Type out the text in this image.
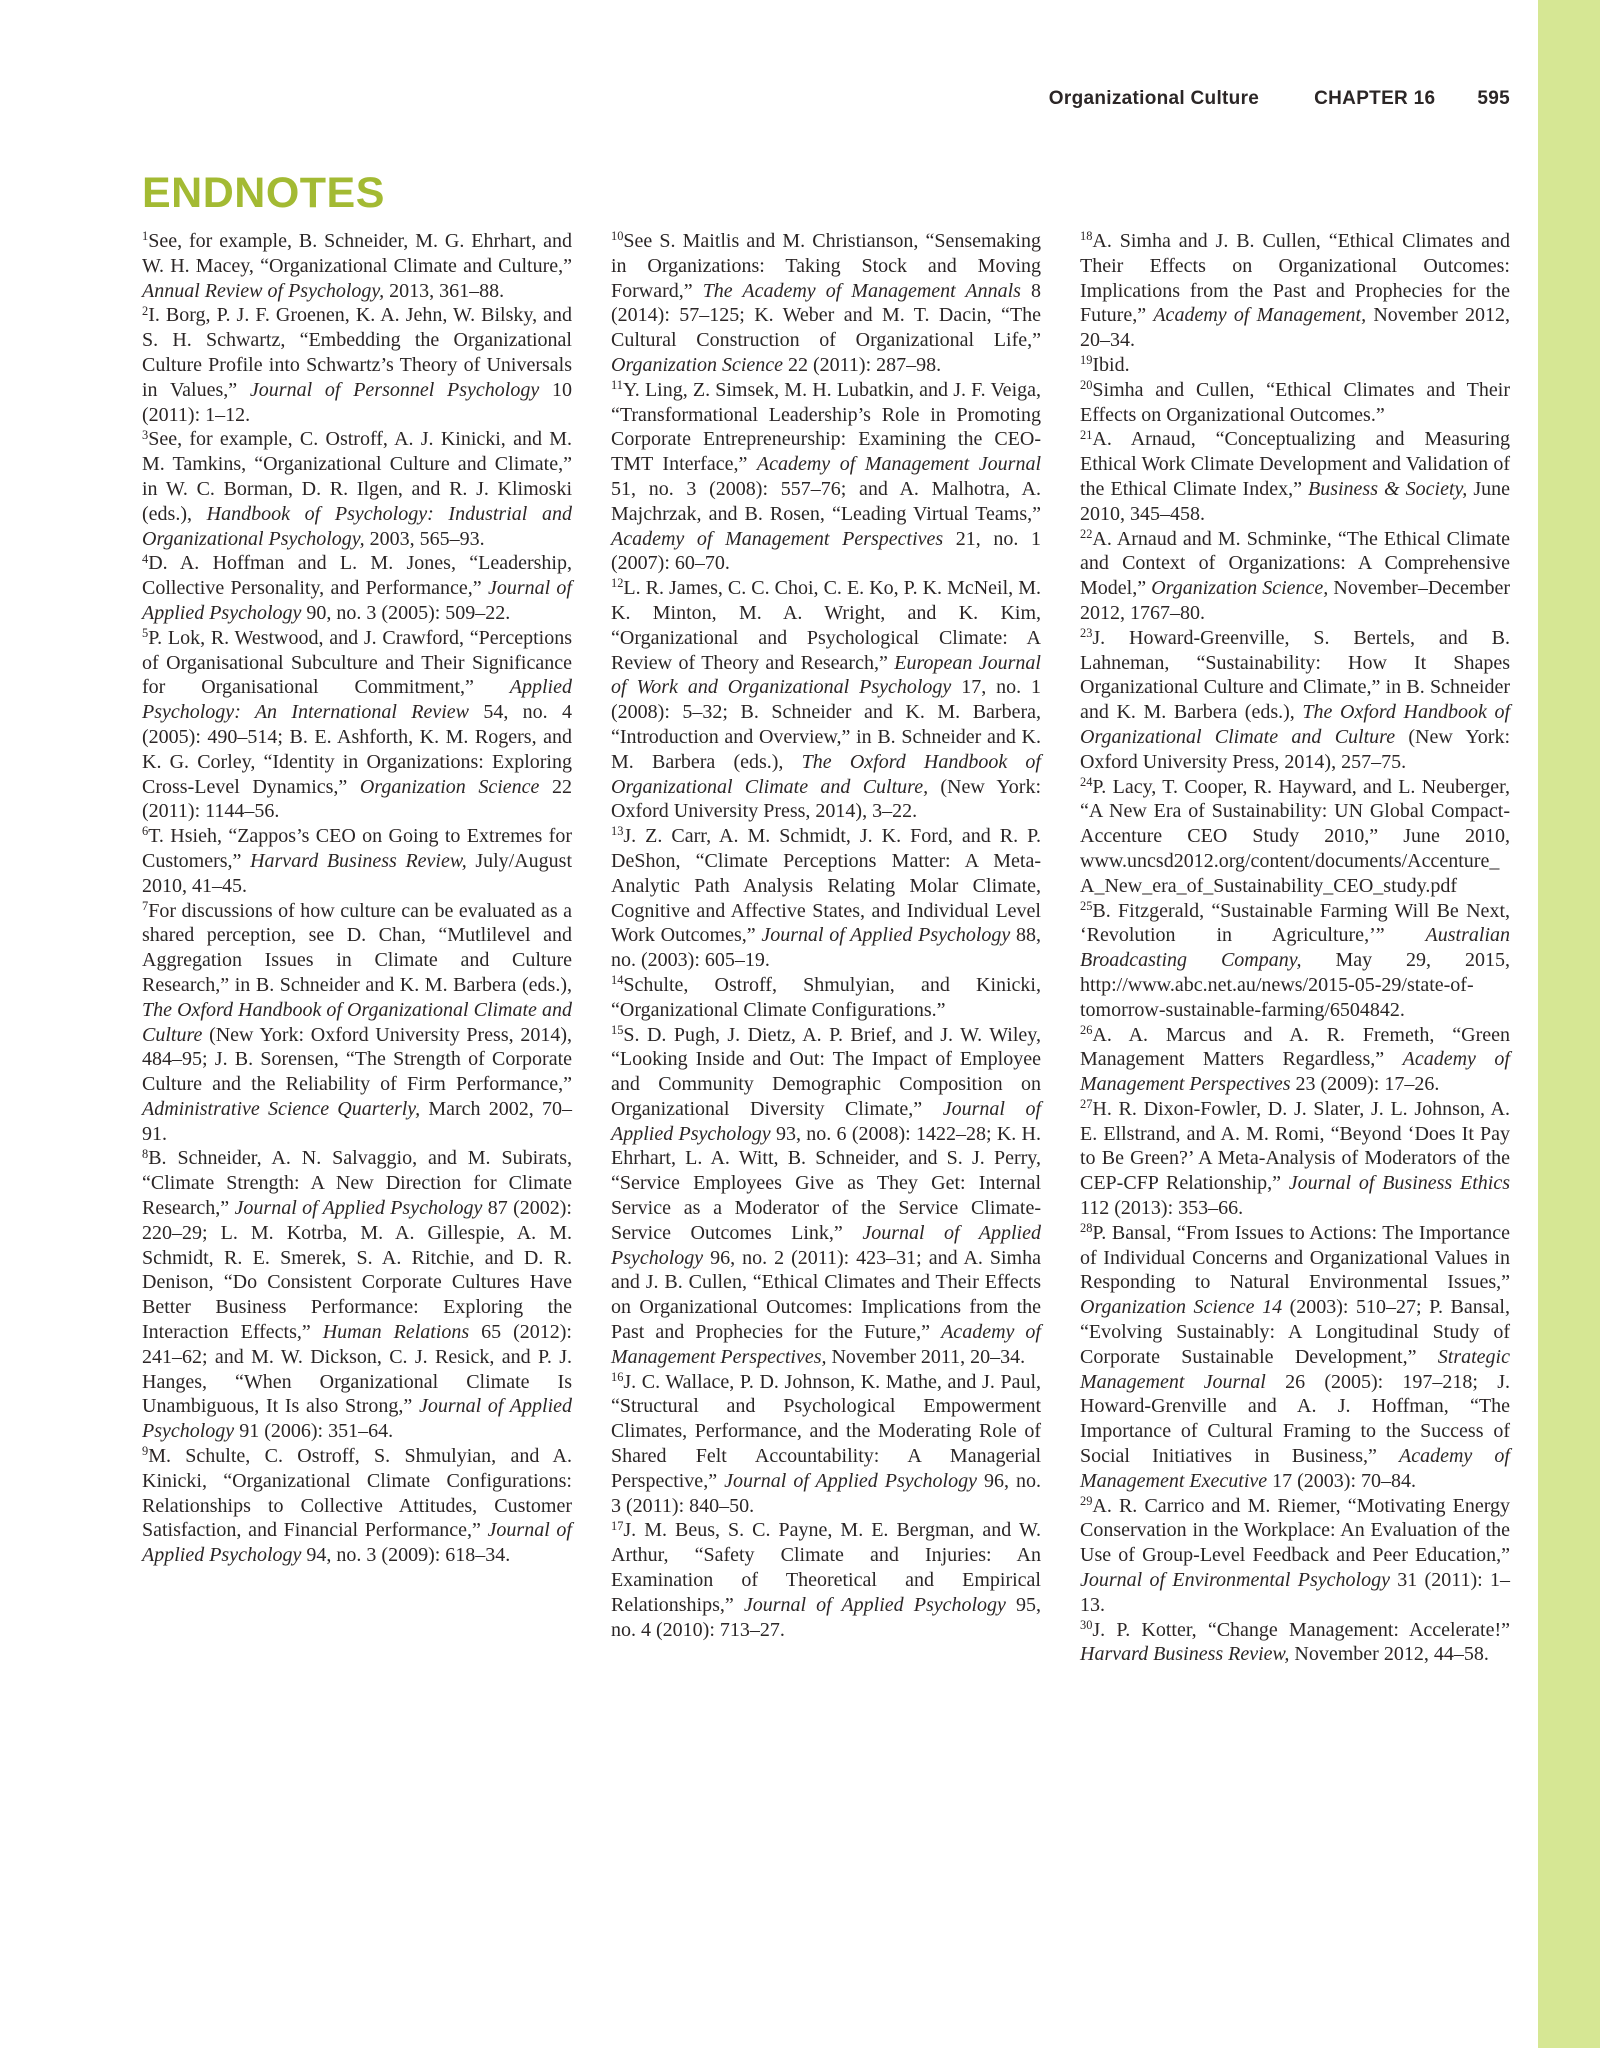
Organizational Culture	CHAPTER 16 595
ENDNOTES

$^1$See, for example, B. Schneider, M. G. Ehrhart, and W. H. Macey, “Organizational Climate and Culture,” Annual Review of Psychology, 2013, 361–88.

$^2$I. Borg, P. J. F. Groenen, K. A. Jehn, W. Bilsky, and S. H. Schwartz, “Embedding the Organizational Culture Profile into Schwartz’s Theory of Universals in Values,” Journal of Personnel Psychology 10 (2011): 1–12.

$^3$See, for example, C. Ostroff, A. J. Kinicki, and M. M. Tamkins, “Organizational Culture and Climate,” in W. C. Borman, D. R. Ilgen, and R. J. Klimoski (eds.), Handbook of Psychology: Industrial and Organizational Psychology, 2003, 565–93.

$^4$D. A. Hoffman and L. M. Jones, “Leadership, Collective Personality, and Performance,” Journal of Applied Psychology 90, no. 3 (2005): 509–22.

$^5$P. Lok, R. Westwood, and J. Crawford, “Perceptions of Organisational Subculture and Their Significance for Organisational Commitment,” Applied Psychology: An International Review 54, no. 4 (2005): 490–514; B. E. Ashforth, K. M. Rogers, and K. G. Corley, “Identity in Organizations: Exploring Cross-Level Dynamics,” Organization Science 22 (2011): 1144–56.

$^6$T. Hsieh, “Zappos’s CEO on Going to Extremes for Customers,” Harvard Business Review, July/August 2010, 41–45.

$^7$For discussions of how culture can be evaluated as a shared perception, see D. Chan, “Mutlilevel and Aggregation Issues in Climate and Culture Research,” in B. Schneider and K. M. Barbera (eds.), The Oxford Handbook of Organizational Climate and Culture (New York: Oxford University Press, 2014), 484–95; J. B. Sorensen, “The Strength of Corporate Culture and the Reliability of Firm Performance,” Administrative Science Quarterly, March 2002, 70–91.

$^8$B. Schneider, A. N. Salvaggio, and M. Subirats, “Climate Strength: A New Direction for Climate Research,” Journal of Applied Psychology 87 (2002): 220–29; L. M. Kotrba, M. A. Gillespie, A. M. Schmidt, R. E. Smerek, S. A. Ritchie, and D. R. Denison, “Do Consistent Corporate Cultures Have Better Business Performance: Exploring the Interaction Effects,” Human Relations 65 (2012): 241–62; and M. W. Dickson, C. J. Resick, and P. J. Hanges, “When Organizational Climate Is Unambiguous, It Is also Strong,” Journal of Applied Psychology 91 (2006): 351–64.

$^9$M. Schulte, C. Ostroff, S. Shmulyian, and A. Kinicki, “Organizational Climate Configurations: Relationships to Collective Attitudes, Customer Satisfaction, and Financial Performance,” Journal of Applied Psychology 94, no. 3 (2009): 618–34.

$^{10}$See S. Maitlis and M. Christianson, “Sensemaking in Organizations: Taking Stock and Moving Forward,” The Academy of Management Annals 8 (2014): 57–125; K. Weber and M. T. Dacin, “The Cultural Construction of Organizational Life,” Organization Science 22 (2011): 287–98.

$^{11}$Y. Ling, Z. Simsek, M. H. Lubatkin, and J. F. Veiga, “Transformational Leadership’s Role in Promoting Corporate Entrepreneurship: Examining the CEO-TMT Interface,” Academy of Management Journal 51, no. 3 (2008): 557–76; and A. Malhotra, A. Majchrzak, and B. Rosen, “Leading Virtual Teams,” Academy of Management Perspectives 21, no. 1 (2007): 60–70.

$^{12}$L. R. James, C. C. Choi, C. E. Ko, P. K. McNeil, M. K. Minton, M. A. Wright, and K. Kim, “Organizational and Psychological Climate: A Review of Theory and Research,” European Journal of Work and Organizational Psychology 17, no. 1 (2008): 5–32; B. Schneider and K. M. Barbera, “Introduction and Overview,” in B. Schneider and K. M. Barbera (eds.), The Oxford Handbook of Organizational Climate and Culture, (New York: Oxford University Press, 2014), 3–22.

$^{13}$J. Z. Carr, A. M. Schmidt, J. K. Ford, and R. P. DeShon, “Climate Perceptions Matter: A Meta-Analytic Path Analysis Relating Molar Climate, Cognitive and Affective States, and Individual Level Work Outcomes,” Journal of Applied Psychology 88, no. (2003): 605–19.

$^{14}$Schulte, Ostroff, Shmulyian, and Kinicki, “Organizational Climate Configurations.”

$^{15}$S. D. Pugh, J. Dietz, A. P. Brief, and J. W. Wiley, “Looking Inside and Out: The Impact of Employee and Community Demographic Composition on Organizational Diversity Climate,” Journal of Applied Psychology 93, no. 6 (2008): 1422–28; K. H. Ehrhart, L. A. Witt, B. Schneider, and S. J. Perry, “Service Employees Give as They Get: Internal Service as a Moderator of the Service Climate-Service Outcomes Link,” Journal of Applied Psychology 96, no. 2 (2011): 423–31; and A. Simha and J. B. Cullen, “Ethical Climates and Their Effects on Organizational Outcomes: Implications from the Past and Prophecies for the Future,” Academy of Management Perspectives, November 2011, 20–34.

$^{16}$J. C. Wallace, P. D. Johnson, K. Mathe, and J. Paul, “Structural and Psychological Empowerment Climates, Performance, and the Moderating Role of Shared Felt Accountability: A Managerial Perspective,” Journal of Applied Psychology 96, no. 3 (2011): 840–50.

$^{17}$J. M. Beus, S. C. Payne, M. E. Bergman, and W. Arthur, “Safety Climate and Injuries: An Examination of Theoretical and Empirical Relationships,” Journal of Applied Psychology 95, no. 4 (2010): 713–27.

$^{18}$A. Simha and J. B. Cullen, “Ethical Climates and Their Effects on Organizational Outcomes: Implications from the Past and Prophecies for the Future,” Academy of Management, November 2012, 20–34.

$^{19}$Ibid.

$^{20}$Simha and Cullen, “Ethical Climates and Their Effects on Organizational Outcomes.”

$^{21}$A. Arnaud, “Conceptualizing and Measuring Ethical Work Climate Development and Validation of the Ethical Climate Index,” Business & Society, June 2010, 345–458.

$^{22}$A. Arnaud and M. Schminke, “The Ethical Climate and Context of Organizations: A Comprehensive Model,” Organization Science, November–December 2012, 1767–80.

$^{23}$J. Howard-Greenville, S. Bertels, and B. Lahneman, “Sustainability: How It Shapes Organizational Culture and Climate,” in B. Schneider and K. M. Barbera (eds.), The Oxford Handbook of Organizational Climate and Culture (New York: Oxford University Press, 2014), 257–75.

$^{24}$P. Lacy, T. Cooper, R. Hayward, and L. Neuberger, “A New Era of Sustainability: UN Global Compact-Accenture CEO Study 2010,” June 2010, www.uncsd2012.org/content/documents/Accenture_A_New_era_of_Sustainability_CEO_study.pdf

$^{25}$B. Fitzgerald, “Sustainable Farming Will Be Next, ‘Revolution in Agriculture,’” Australian Broadcasting Company, May 29, 2015, http://www.abc.net.au/news/2015-05-29/state-of-tomorrow-sustainable-farming/6504842.

$^{26}$A. A. Marcus and A. R. Fremeth, “Green Management Matters Regardless,” Academy of Management Perspectives 23 (2009): 17–26.

$^{27}$H. R. Dixon-Fowler, D. J. Slater, J. L. Johnson, A. E. Ellstrand, and A. M. Romi, “Beyond ‘Does It Pay to Be Green?’ A Meta-Analysis of Moderators of the CEP-CFP Relationship,” Journal of Business Ethics 112 (2013): 353–66.

$^{28}$P. Bansal, “From Issues to Actions: The Importance of Individual Concerns and Organizational Values in Responding to Natural Environmental Issues,” Organization Science 14 (2003): 510–27; P. Bansal, “Evolving Sustainably: A Longitudinal Study of Corporate Sustainable Development,” Strategic Management Journal 26 (2005): 197–218; J. Howard-Grenville and A. J. Hoffman, “The Importance of Cultural Framing to the Success of Social Initiatives in Business,” Academy of Management Executive 17 (2003): 70–84.

$^{29}$A. R. Carrico and M. Riemer, “Motivating Energy Conservation in the Workplace: An Evaluation of the Use of Group-Level Feedback and Peer Education,” Journal of Environmental Psychology 31 (2011): 1–13.

$^{30}$J. P. Kotter, “Change Management: Accelerate!” Harvard Business Review, November 2012, 44–58.
